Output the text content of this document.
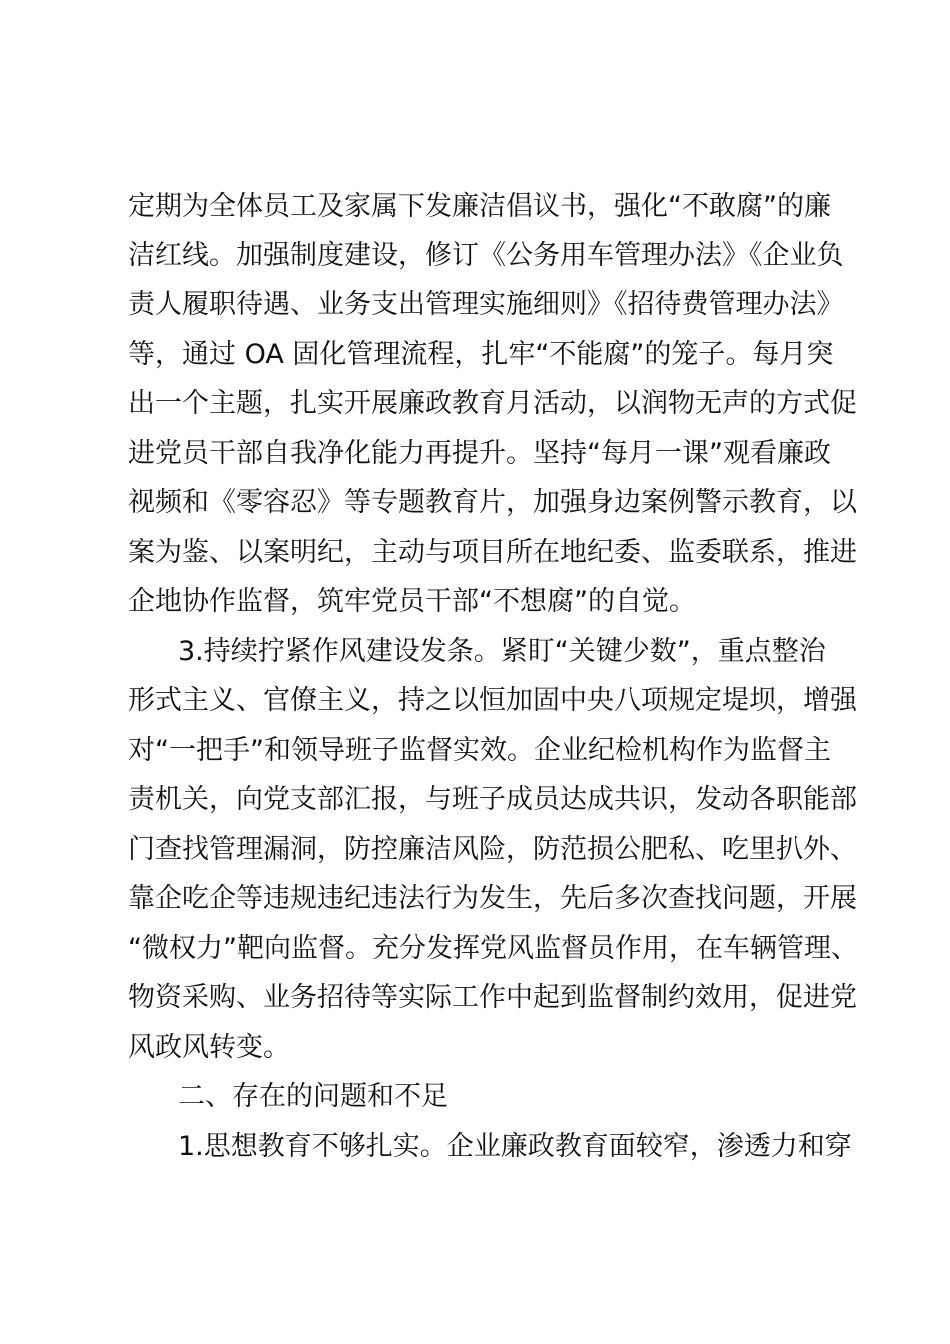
定期为全体员工及家属下发廉洁倡议书，强化“不敢腐”的廉
洁红线。加强制度建设，修订《公务用车管理办法》《企业负
责人履职待遇、业务支出管理实施细则》《招待费管理办法》
等，通过 OA 固化管理流程，扎牢“不能腐”的笼子。每月突
出一个主题，扎实开展廉政教育月活动，以润物无声的方式促
进党员干部自我净化能力再提升。坚持“每月一课”观看廉政
视频和《零容忍》等专题教育片，加强身边案例警示教育，以
案为鉴、以案明纪，主动与项目所在地纪委、监委联系，推进
企地协作监督，筑牢党员干部“不想腐”的自觉。
3.持续拧紧作风建设发条。紧盯“关键少数”，重点整治
形式主义、官僚主义，持之以恒加固中央八项规定堤坝，增强
对“一把手”和领导班子监督实效。企业纪检机构作为监督主
责机关，向党支部汇报，与班子成员达成共识，发动各职能部
门查找管理漏洞，防控廉洁风险，防范损公肥私、吃里扒外、
靠企吃企等违规违纪违法行为发生，先后多次查找问题，开展
“微权力”靶向监督。充分发挥党风监督员作用，在车辆管理、
物资采购、业务招待等实际工作中起到监督制约效用，促进党
风政风转变。
二、存在的问题和不足
1.思想教育不够扎实。企业廉政教育面较窄，渗透力和穿
